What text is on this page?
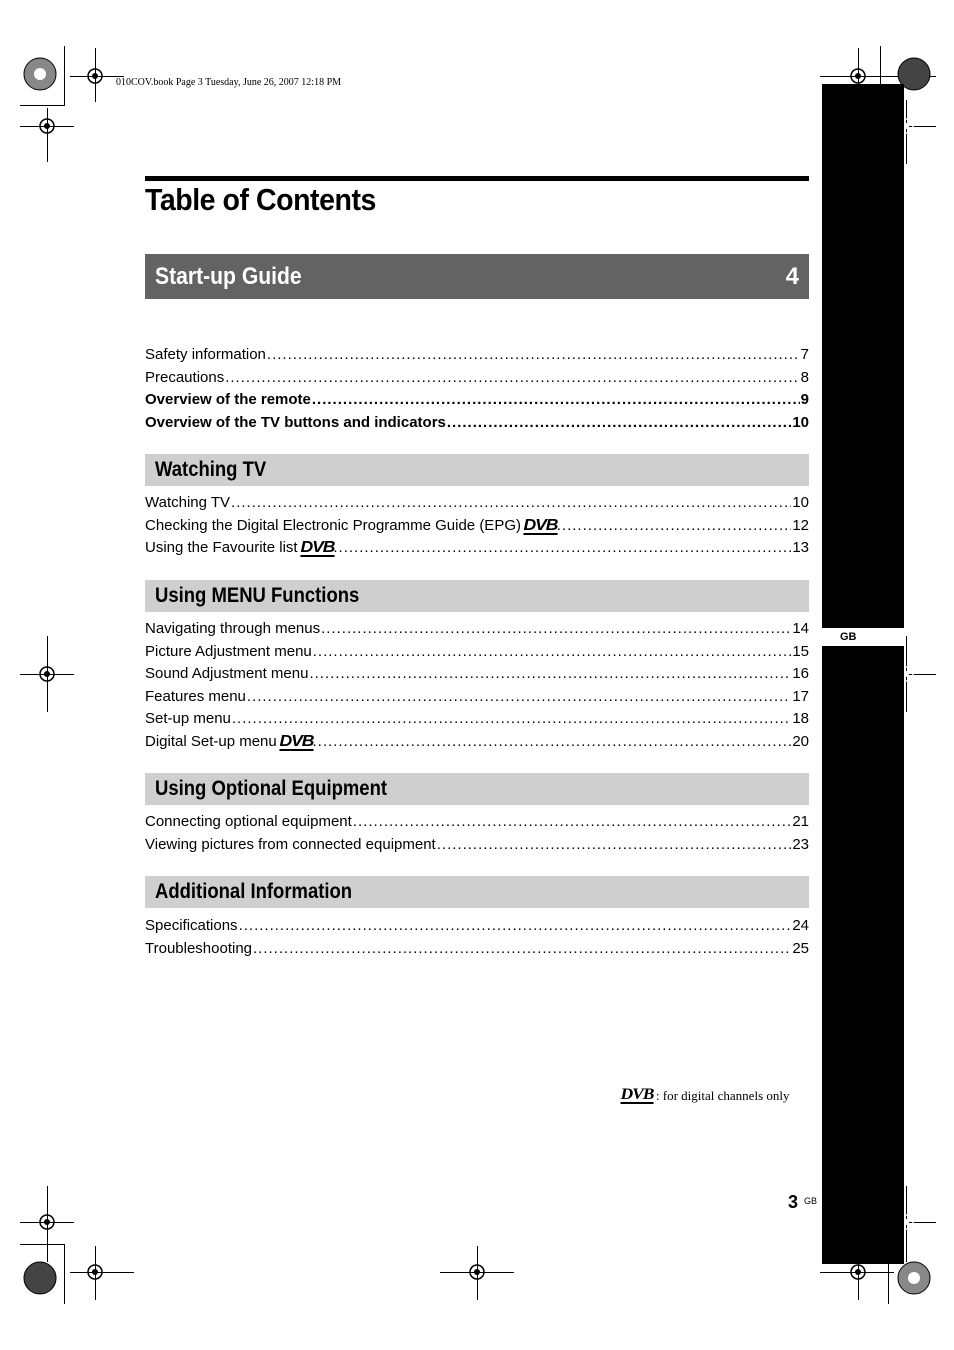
010COV.book Page 3 Tuesday, June 26, 2007 12:18 PM
GB
Table of Contents
Start-up Guide	4
Safety information .....	7
Precautions .....	8
Overview of the remote .....	9
Overview of the TV buttons and indicators .....	10
Watching TV
Watching TV .....	10
Checking the Digital Electronic Programme Guide (EPG) DVB .....	12
Using the Favourite list DVB .....	13
Using MENU Functions
Navigating through menus .....	14
Picture Adjustment menu .....	15
Sound Adjustment menu .....	16
Features menu .....	17
Set-up menu .....	18
Digital Set-up menu DVB .....	20
Using Optional Equipment
Connecting optional equipment .....	21
Viewing pictures from connected equipment .....	23
Additional Information
Specifications .....	24
Troubleshooting .....	25
DVB : for digital channels only
3 GB
